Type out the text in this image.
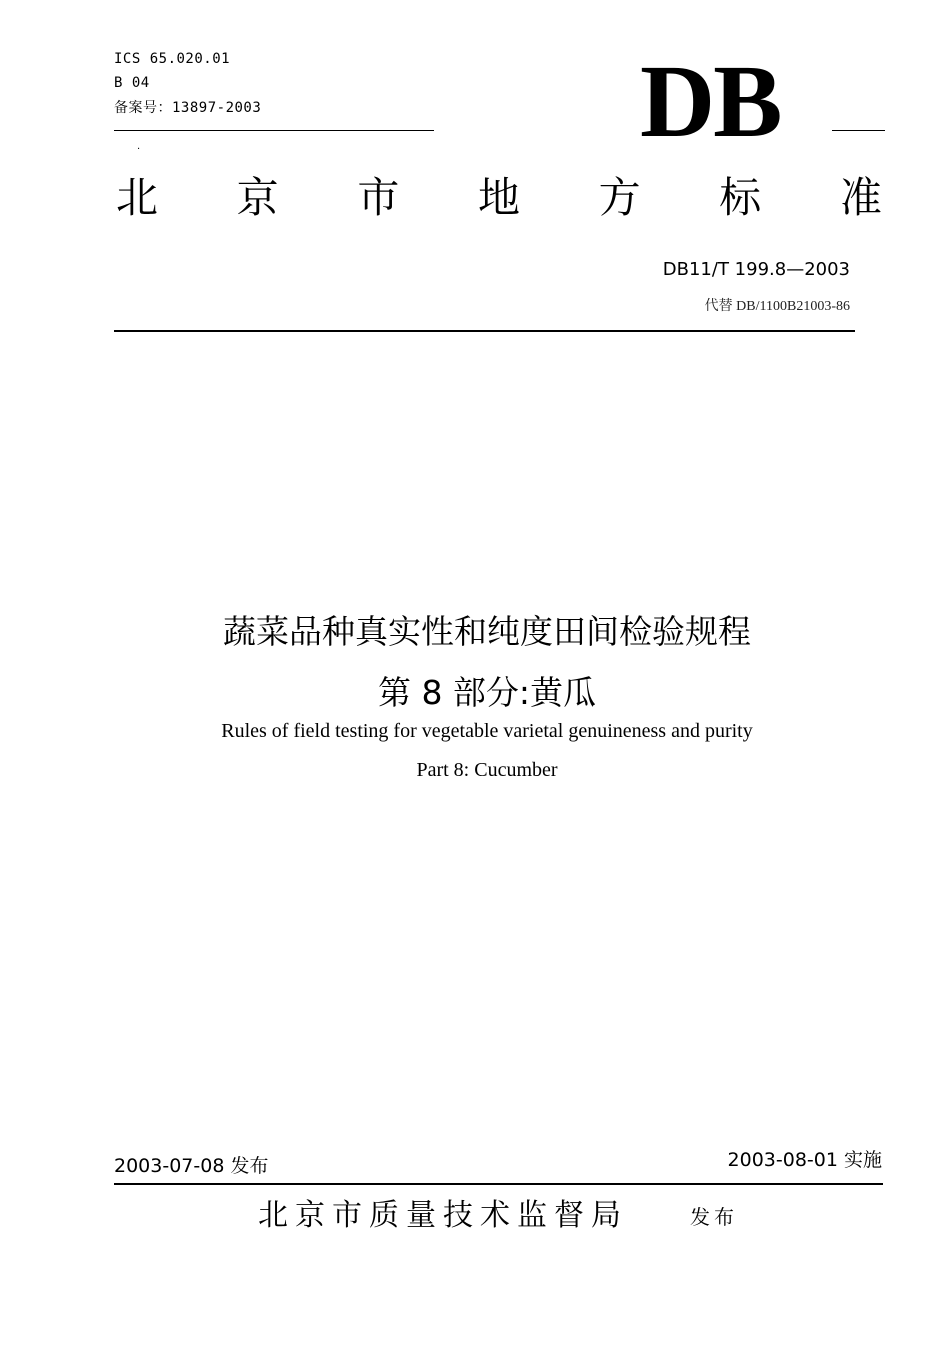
ICS 65.020.01
B 04
备案号：13897-2003
.	DB
北 京 市 地 方 标 准
DB11/T 199.8—2003
代替 DB/1100B21003-86
蔬菜品种真实性和纯度田间检验规程
第 8 部分:黄瓜
Rules of field testing for vegetable varietal genuineness and purity
Part 8: Cucumber
2003-07-08 发布	2003-08-01 实施
北京市质量技术监督局	发布
